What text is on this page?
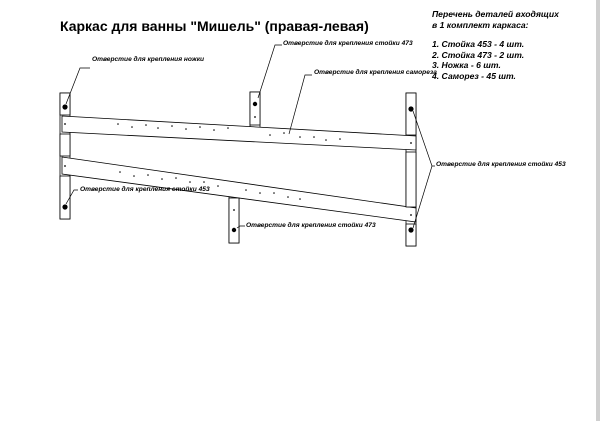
Каркас для ванны "Мишель" (правая-левая)
Перечень деталей входящих
в 1 комплект каркаса:
1. Стойка 453 - 4 шт.
2. Стойка 473 - 2 шт.
3. Ножка - 6 шт.
4. Саморез - 45 шт.
Отверстие для крепления ножки
Отверстие для крепления стойки 473
Отверстие для крепления самореза
Отверстие для крепления стойки 453
Отверстие для крепления стойки 453
Отверстие для крепления стойки 473
